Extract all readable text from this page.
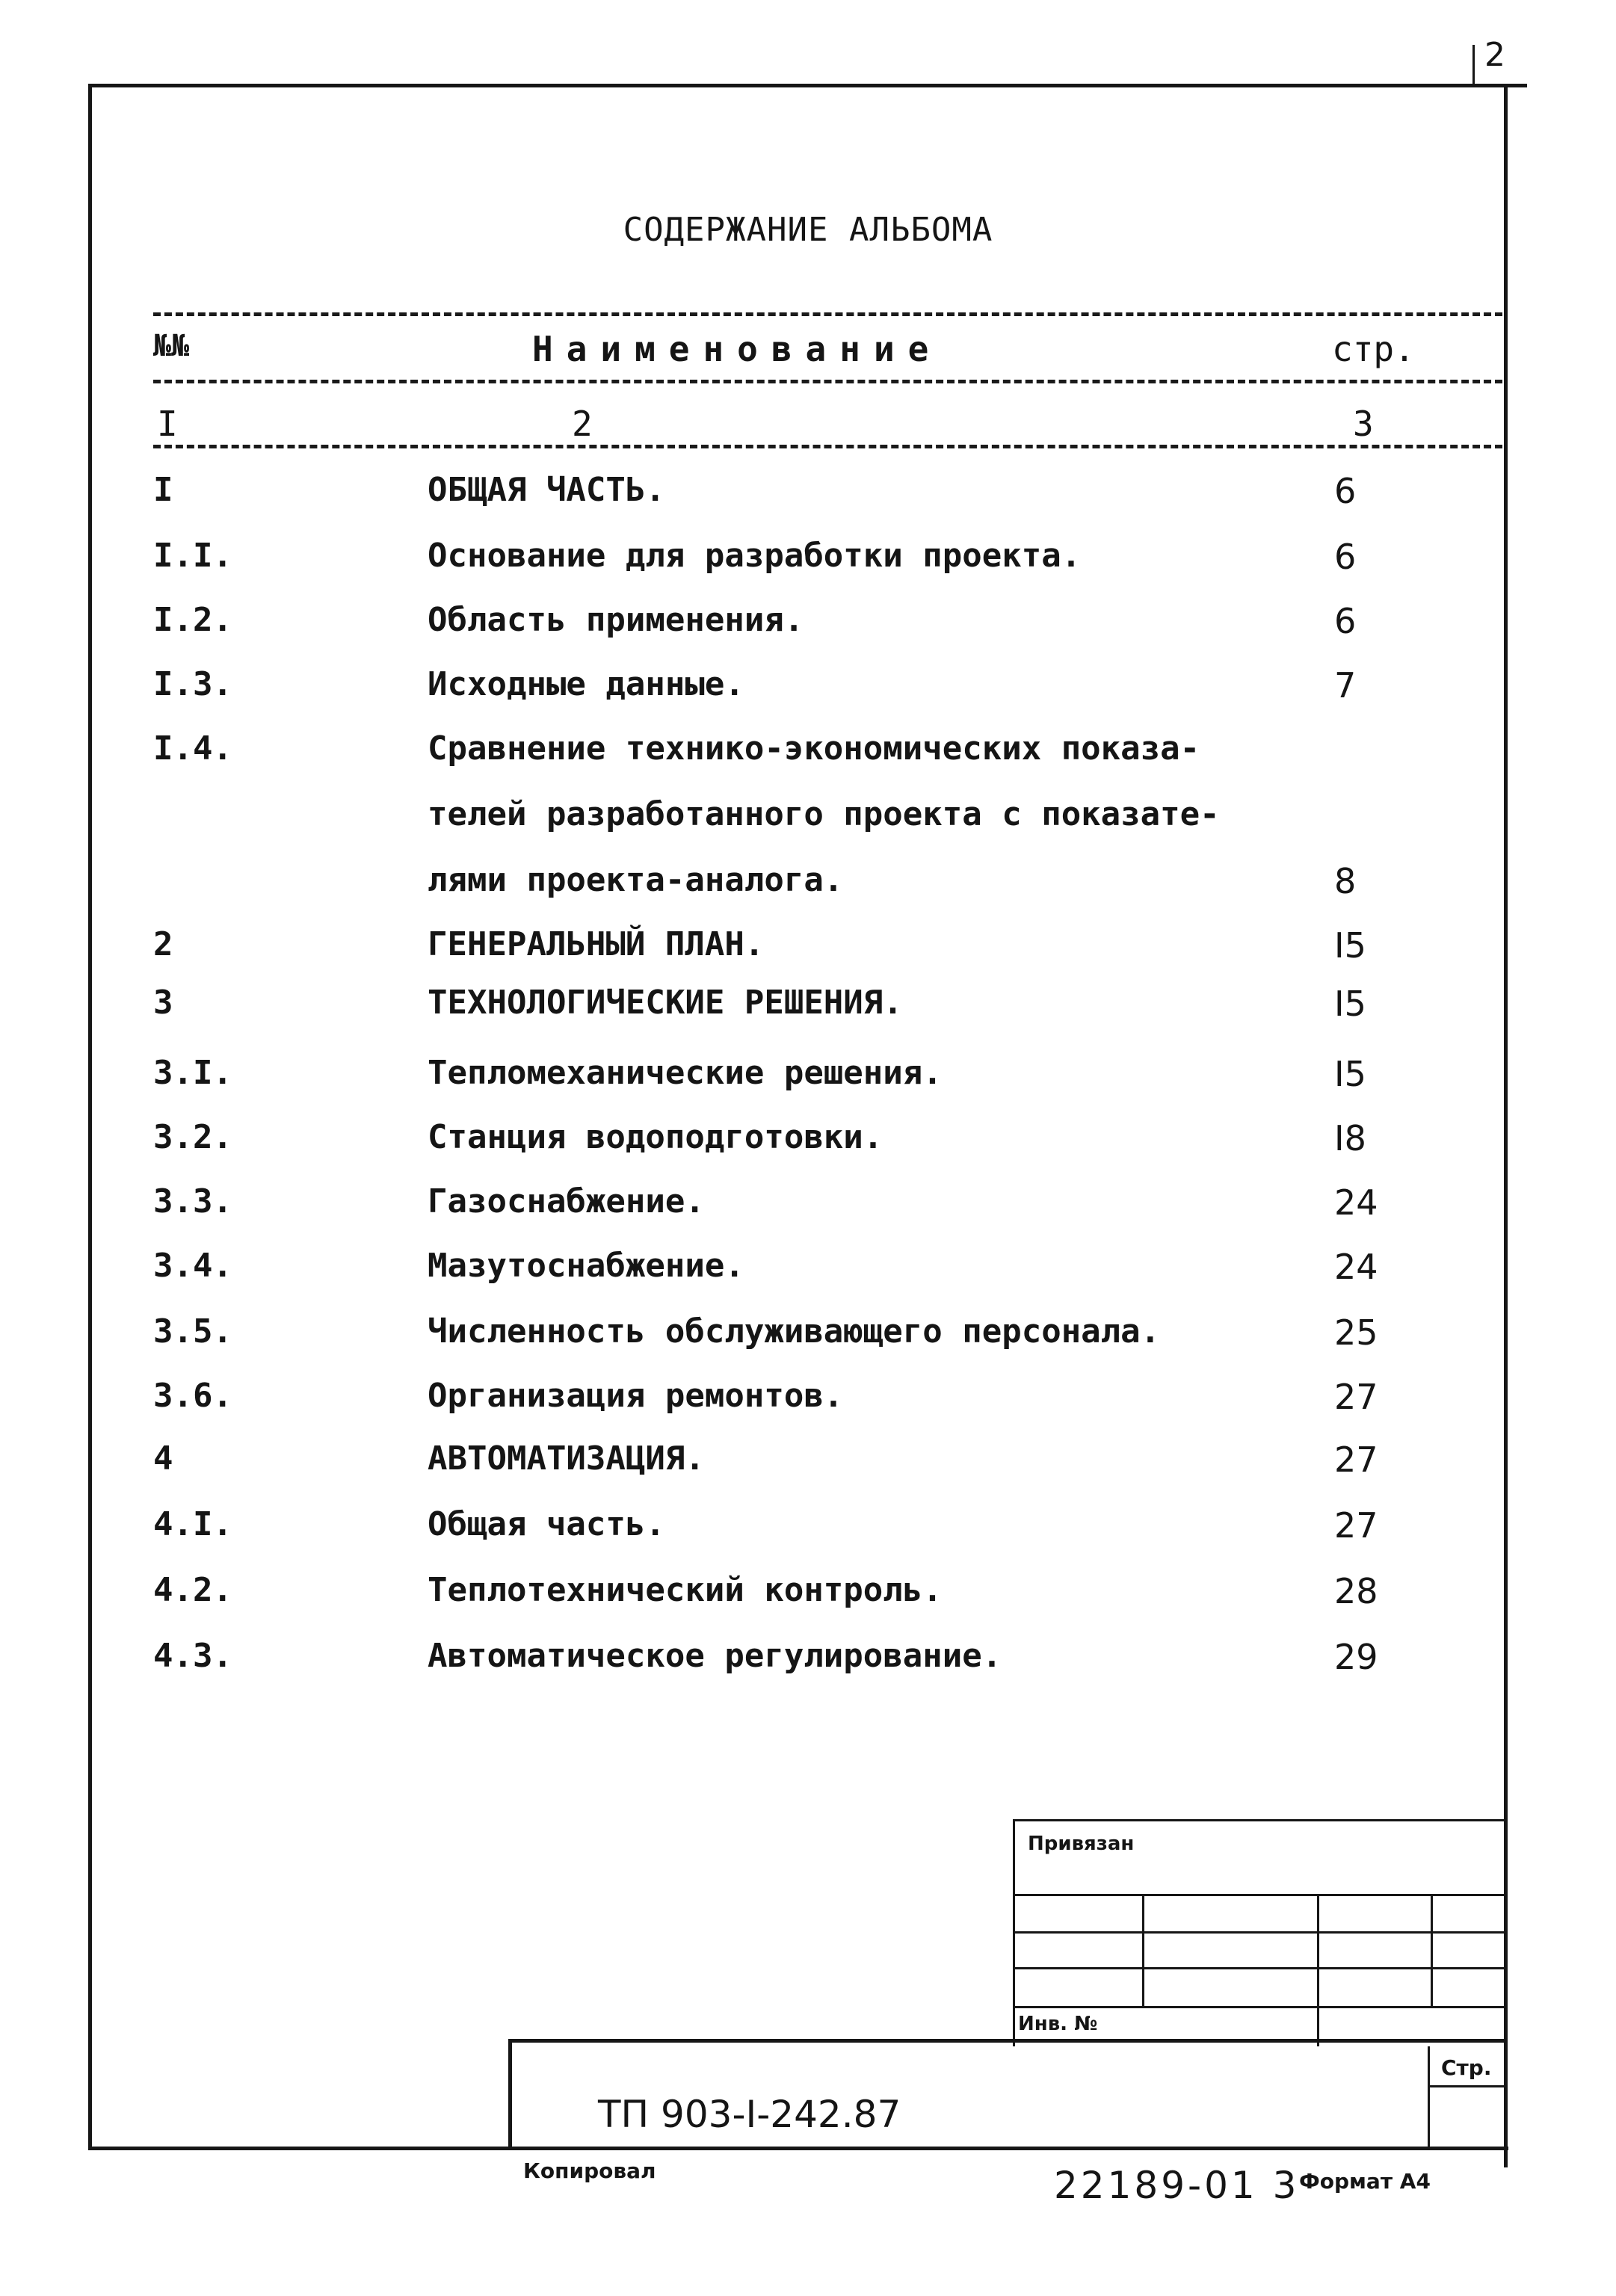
2
СОДЕРЖАНИЕ АЛЬБОМА
№№	Наименование	стр.
I	2	3
I	ОБЩАЯ ЧАСТЬ.	6
I.I.	Основание для разработки проекта.	6
I.2.	Область применения.	6
I.3.	Исходные данные.	7
I.4.	Сравнение технико-экономических показа-
телей разработанного проекта с показате-
лями проекта-аналога.	8
2	ГЕНЕРАЛЬНЫЙ ПЛАН.	I5
3	ТЕХНОЛОГИЧЕСКИЕ РЕШЕНИЯ.	I5
3.I.	Тепломеханические решения.	I5
3.2.	Станция водоподготовки.	I8
3.3.	Газоснабжение.	24
3.4.	Мазутоснабжение.	24
3.5.	Численность обслуживающего персонала.	25
3.6.	Организация ремонтов.	27
4	АВТОМАТИЗАЦИЯ.	27
4.I.	Общая часть.	27
4.2.	Теплотехнический контроль.	28
4.3.	Автоматическое регулирование.	29
Привязан
Инв. №
Стр.
ТП 903-I-242.87
Копировал	22189-01 3 Формат А4
